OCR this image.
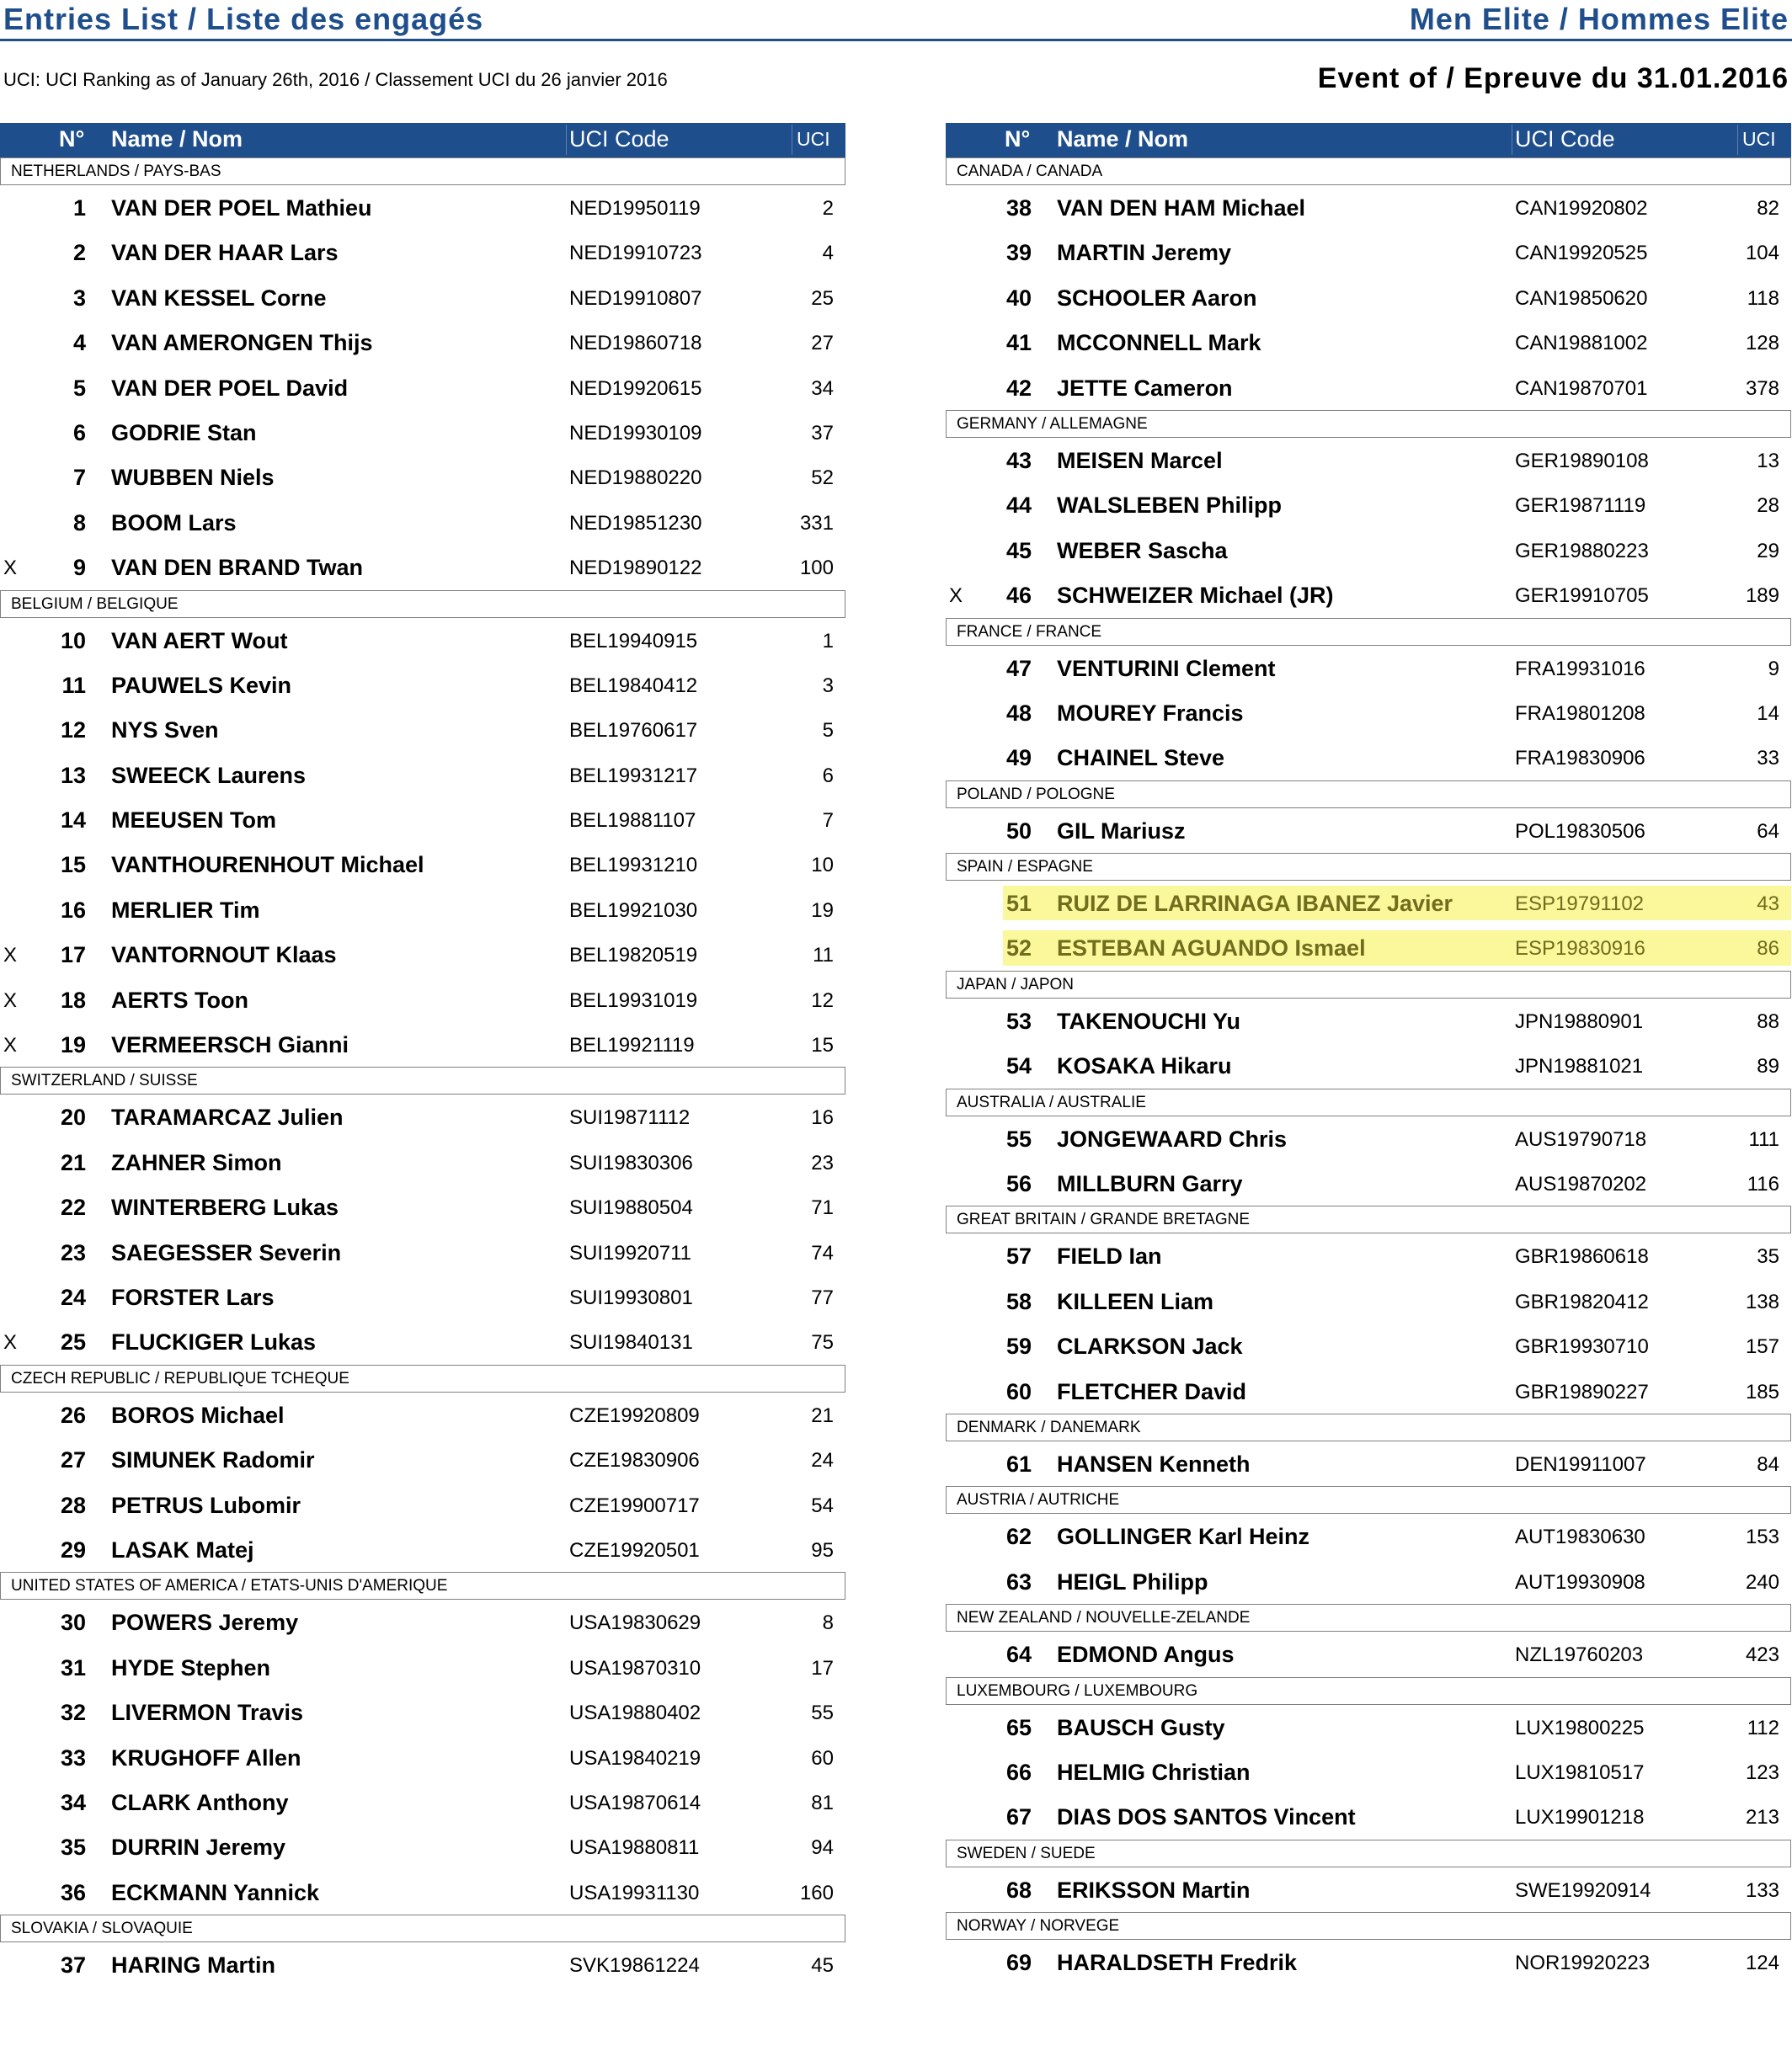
Entries List / Liste des engagés	Men Elite / Hommes Elite
UCI: UCI Ranking as of January 26th, 2016 / Classement UCI du 26 janvier 2016	Event of / Epreuve du 31.01.2016
N° Name / Nom	UCI Code	UCI
NETHERLANDS / PAYS-BAS
1 VAN DER POEL Mathieu	NED19950119	2
2 VAN DER HAAR Lars	NED19910723	4
3 VAN KESSEL Corne	NED19910807	25
4 VAN AMERONGEN Thijs	NED19860718	27
5 VAN DER POEL David	NED19920615	34
6 GODRIE Stan	NED19930109	37
7 WUBBEN Niels	NED19880220	52
8 BOOM Lars	NED19851230	331
X 9 VAN DEN BRAND Twan	NED19890122	100
BELGIUM / BELGIQUE
10 VAN AERT Wout	BEL19940915	1
11 PAUWELS Kevin	BEL19840412	3
12 NYS Sven	BEL19760617	5
13 SWEECK Laurens	BEL19931217	6
14 MEEUSEN Tom	BEL19881107	7
15 VANTHOURENHOUT Michael	BEL19931210	10
16 MERLIER Tim	BEL19921030	19
X 17 VANTORNOUT Klaas	BEL19820519	11
X 18 AERTS Toon	BEL19931019	12
X 19 VERMEERSCH Gianni	BEL19921119	15
SWITZERLAND / SUISSE
20 TARAMARCAZ Julien	SUI19871112	16
21 ZAHNER Simon	SUI19830306	23
22 WINTERBERG Lukas	SUI19880504	71
23 SAEGESSER Severin	SUI19920711	74
24 FORSTER Lars	SUI19930801	77
X 25 FLUCKIGER Lukas	SUI19840131	75
CZECH REPUBLIC / REPUBLIQUE TCHEQUE
26 BOROS Michael	CZE19920809	21
27 SIMUNEK Radomir	CZE19830906	24
28 PETRUS Lubomir	CZE19900717	54
29 LASAK Matej	CZE19920501	95
UNITED STATES OF AMERICA / ETATS-UNIS D'AMERIQUE
30 POWERS Jeremy	USA19830629	8
31 HYDE Stephen	USA19870310	17
32 LIVERMON Travis	USA19880402	55
33 KRUGHOFF Allen	USA19840219	60
34 CLARK Anthony	USA19870614	81
35 DURRIN Jeremy	USA19880811	94
36 ECKMANN Yannick	USA19931130	160
SLOVAKIA / SLOVAQUIE
37 HARING Martin	SVK19861224	45
N° Name / Nom	UCI Code	UCI
CANADA / CANADA
38 VAN DEN HAM Michael	CAN19920802	82
39 MARTIN Jeremy	CAN19920525	104
40 SCHOOLER Aaron	CAN19850620	118
41 MCCONNELL Mark	CAN19881002	128
42 JETTE Cameron	CAN19870701	378
GERMANY / ALLEMAGNE
43 MEISEN Marcel	GER19890108	13
44 WALSLEBEN Philipp	GER19871119	28
45 WEBER Sascha	GER19880223	29
X 46 SCHWEIZER Michael (JR)	GER19910705	189
FRANCE / FRANCE
47 VENTURINI Clement	FRA19931016	9
48 MOUREY Francis	FRA19801208	14
49 CHAINEL Steve	FRA19830906	33
POLAND / POLOGNE
50 GIL Mariusz	POL19830506	64
SPAIN / ESPAGNE
51 RUIZ DE LARRINAGA IBANEZ Javier	ESP19791102	43
52 ESTEBAN AGUANDO Ismael	ESP19830916	86
JAPAN / JAPON
53 TAKENOUCHI Yu	JPN19880901	88
54 KOSAKA Hikaru	JPN19881021	89
AUSTRALIA / AUSTRALIE
55 JONGEWAARD Chris	AUS19790718	111
56 MILLBURN Garry	AUS19870202	116
GREAT BRITAIN / GRANDE BRETAGNE
57 FIELD Ian	GBR19860618	35
58 KILLEEN Liam	GBR19820412	138
59 CLARKSON Jack	GBR19930710	157
60 FLETCHER David	GBR19890227	185
DENMARK / DANEMARK
61 HANSEN Kenneth	DEN19911007	84
AUSTRIA / AUTRICHE
62 GOLLINGER Karl Heinz	AUT19830630	153
63 HEIGL Philipp	AUT19930908	240
NEW ZEALAND / NOUVELLE-ZELANDE
64 EDMOND Angus	NZL19760203	423
LUXEMBOURG / LUXEMBOURG
65 BAUSCH Gusty	LUX19800225	112
66 HELMIG Christian	LUX19810517	123
67 DIAS DOS SANTOS Vincent	LUX19901218	213
SWEDEN / SUEDE
68 ERIKSSON Martin	SWE19920914	133
NORWAY / NORVEGE
69 HARALDSETH Fredrik	NOR19920223	124
